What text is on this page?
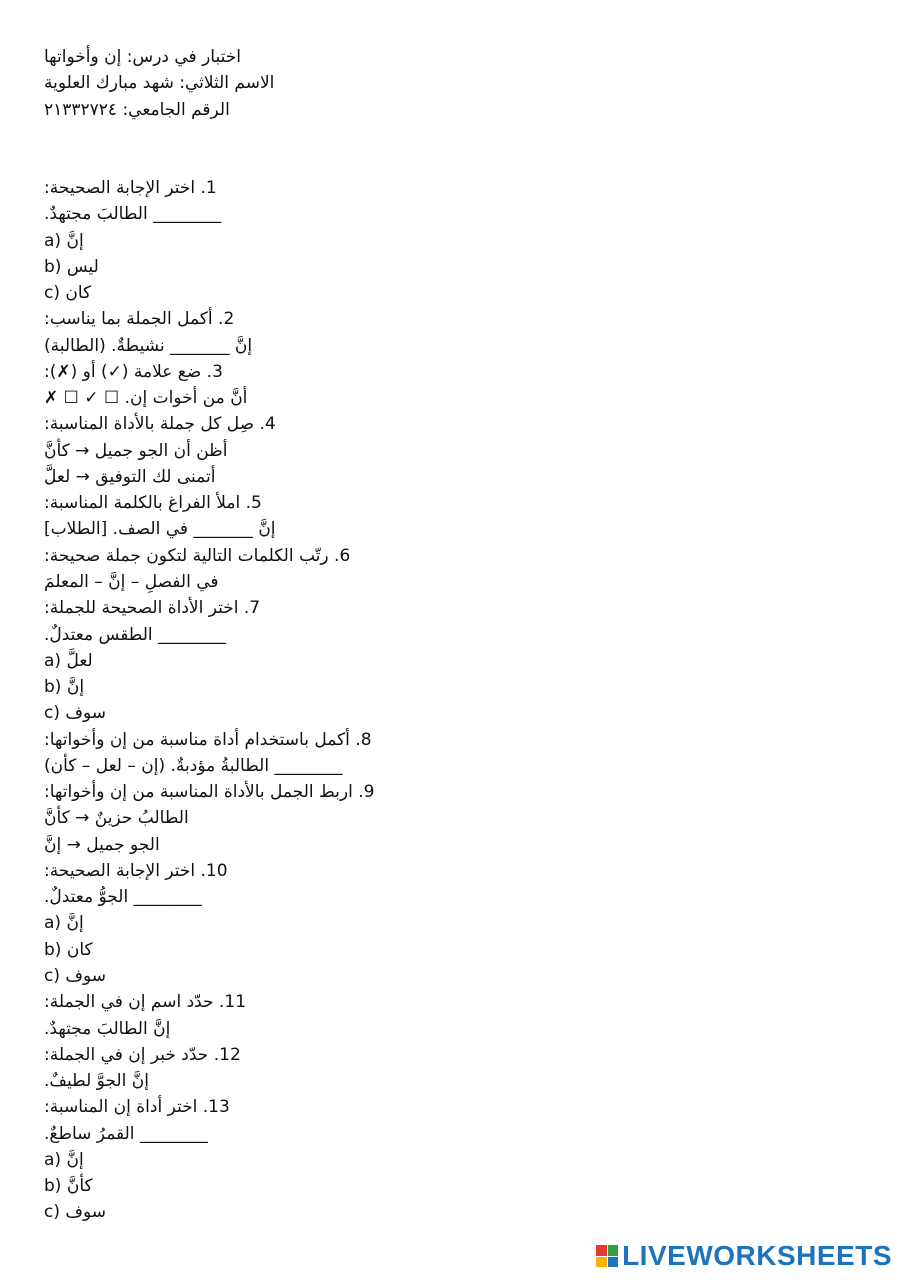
اختبار في درس: إن وأخواتها
الاسم الثلاثي: شهد مبارك العلوية
الرقم الجامعي: ٢١٣٣٢٧٢٤
1. اختر الإجابة الصحيحة:
________ الطالبَ مجتهدٌ.
a) إنَّ
b) ليس
c) كان
2. أكمل الجملة بما يناسب:
إنَّ _______ نشيطةٌ. (الطالبة)
3. ضع علامة (✓) أو (✗):
أنَّ من أخوات إن. ☐ ✓ ☐ ✗
4. صِل كل جملة بالأداة المناسبة:
أظن أن الجو جميل → كأنَّ
أتمنى لك التوفيق → لعلَّ
5. املأ الفراغ بالكلمة المناسبة:
إنَّ _______ في الصف. [الطلاب]
6. رتّب الكلمات التالية لتكون جملة صحيحة:
في الفصلِ – إنَّ – المعلمَ
7. اختر الأداة الصحيحة للجملة:
________ الطقس معتدلٌ.
a) لعلَّ
b) إنَّ
c) سوف
8. أكمل باستخدام أداة مناسبة من إن وأخواتها:
________ الطالبةُ مؤدبةٌ. (إن – لعل – كأن)
9. اربط الجمل بالأداة المناسبة من إن وأخواتها:
الطالبُ حزينٌ → كأنَّ
الجو جميل → إنَّ
10. اختر الإجابة الصحيحة:
________ الجوُّ معتدلٌ.
a) إنَّ
b) كان
c) سوف
11. حدّد اسم إن في الجملة:
إنَّ الطالبَ مجتهدٌ.
12. حدّد خبر إن في الجملة:
إنَّ الجوَّ لطيفٌ.
13. اختر أداة إن المناسبة:
________ القمرُ ساطعٌ.
a) إنَّ
b) كأنَّ
c) سوف
LIVEWORKSHEETS
